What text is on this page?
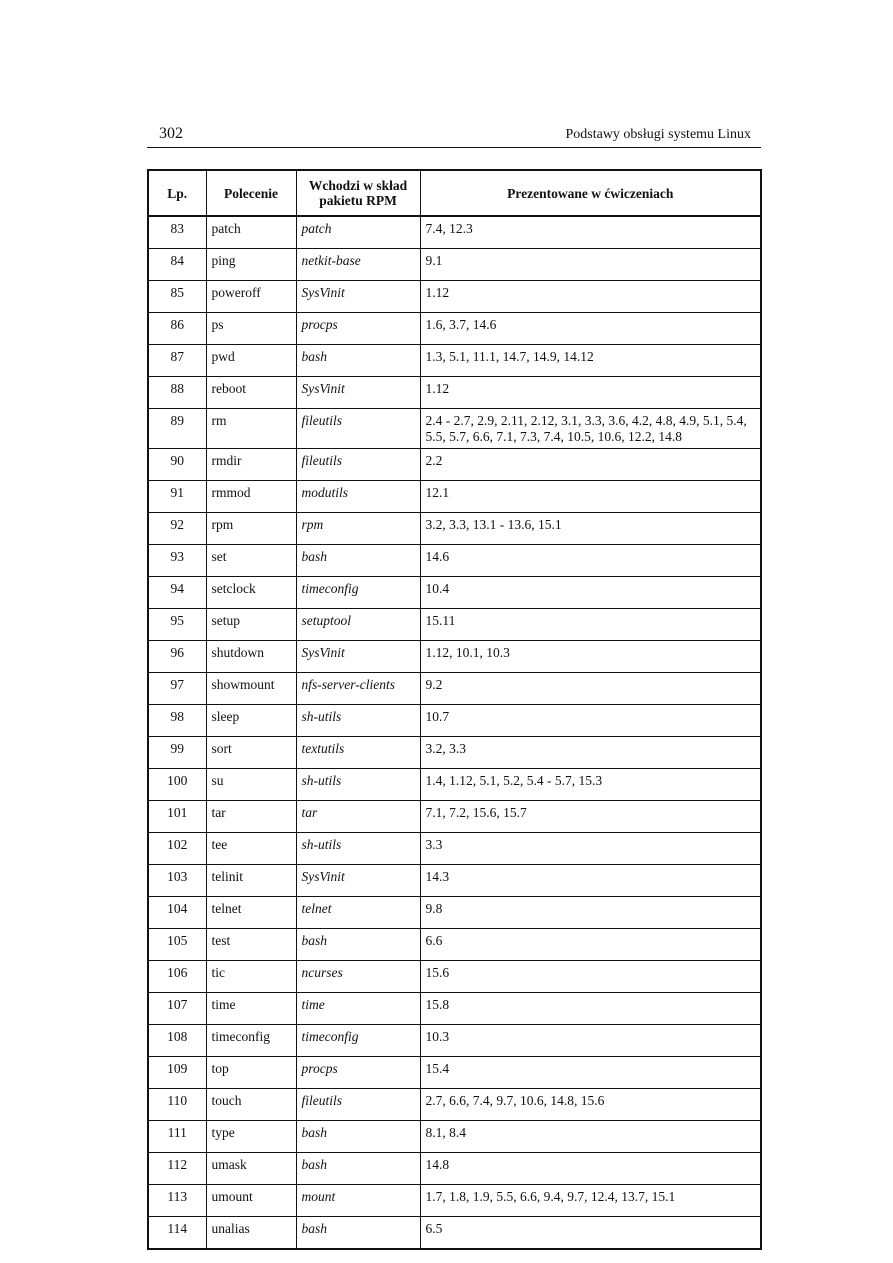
302	Podstawy obsługi systemu Linux
Lp.	Polecenie	Wchodzi w skład pakietu RPM	Prezentowane w ćwiczeniach
83	patch	patch	7.4, 12.3
84	ping	netkit-base	9.1
85	poweroff	SysVinit	1.12
86	ps	procps	1.6, 3.7, 14.6
87	pwd	bash	1.3, 5.1, 11.1, 14.7, 14.9, 14.12
88	reboot	SysVinit	1.12
89	rm	fileutils	2.4 - 2.7, 2.9, 2.11, 2.12, 3.1, 3.3, 3.6, 4.2, 4.8, 4.9, 5.1, 5.4, 5.5, 5.7, 6.6, 7.1, 7.3, 7.4, 10.5, 10.6, 12.2, 14.8
90	rmdir	fileutils	2.2
91	rmmod	modutils	12.1
92	rpm	rpm	3.2, 3.3, 13.1 - 13.6, 15.1
93	set	bash	14.6
94	setclock	timeconfig	10.4
95	setup	setuptool	15.11
96	shutdown	SysVinit	1.12, 10.1, 10.3
97	showmount	nfs-server-clients	9.2
98	sleep	sh-utils	10.7
99	sort	textutils	3.2, 3.3
100	su	sh-utils	1.4, 1.12, 5.1, 5.2, 5.4 - 5.7, 15.3
101	tar	tar	7.1, 7.2, 15.6, 15.7
102	tee	sh-utils	3.3
103	telinit	SysVinit	14.3
104	telnet	telnet	9.8
105	test	bash	6.6
106	tic	ncurses	15.6
107	time	time	15.8
108	timeconfig	timeconfig	10.3
109	top	procps	15.4
110	touch	fileutils	2.7, 6.6, 7.4, 9.7, 10.6, 14.8, 15.6
111	type	bash	8.1, 8.4
112	umask	bash	14.8
113	umount	mount	1.7, 1.8, 1.9, 5.5, 6.6, 9.4, 9.7, 12.4, 13.7, 15.1
114	unalias	bash	6.5
